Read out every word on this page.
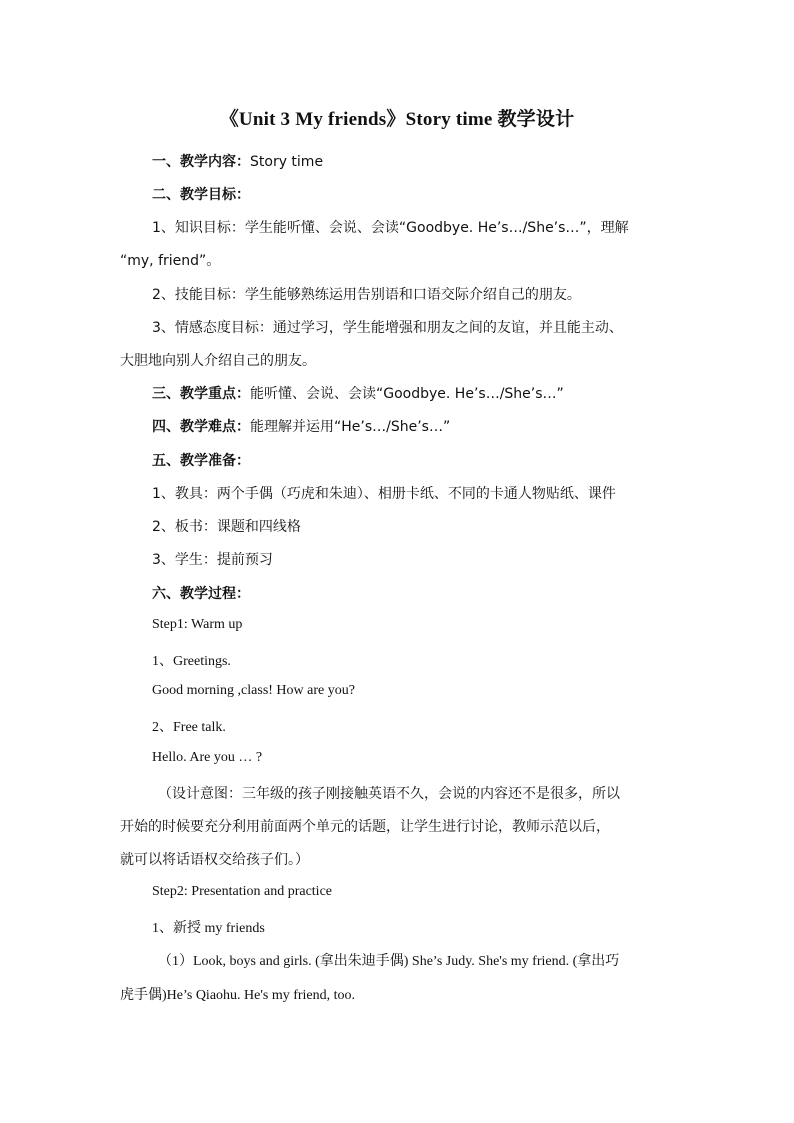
《Unit 3 My friends》Story time 教学设计
一、教学内容：Story time
二、教学目标：
1、知识目标：学生能听懂、会说、会读“Goodbye. He’s…/She’s…”，理解
“my, friend”。
2、技能目标：学生能够熟练运用告别语和口语交际介绍自己的朋友。
3、情感态度目标：通过学习，学生能增强和朋友之间的友谊，并且能主动、
大胆地向别人介绍自己的朋友。
三、教学重点：能听懂、会说、会读“Goodbye. He’s…/She’s…”
四、教学难点：能理解并运用“He’s…/She’s…”
五、教学准备：
1、教具：两个手偶（巧虎和朱迪）、相册卡纸、不同的卡通人物贴纸、课件
2、板书：课题和四线格
3、学生：提前预习
六、教学过程：
Step1: Warm up
1、Greetings.
Good morning ,class! How are you?
2、Free talk.
Hello. Are you … ?
（设计意图：三年级的孩子刚接触英语不久，会说的内容还不是很多，所以
开始的时候要充分利用前面两个单元的话题，让学生进行讨论，教师示范以后，
就可以将话语权交给孩子们。）
Step2: Presentation and practice
1、新授 my friends
（1）Look, boys and girls. (拿出朱迪手偶) She’s Judy. She's my friend. (拿出巧
虎手偶)He’s Qiaohu. He's my friend, too.
